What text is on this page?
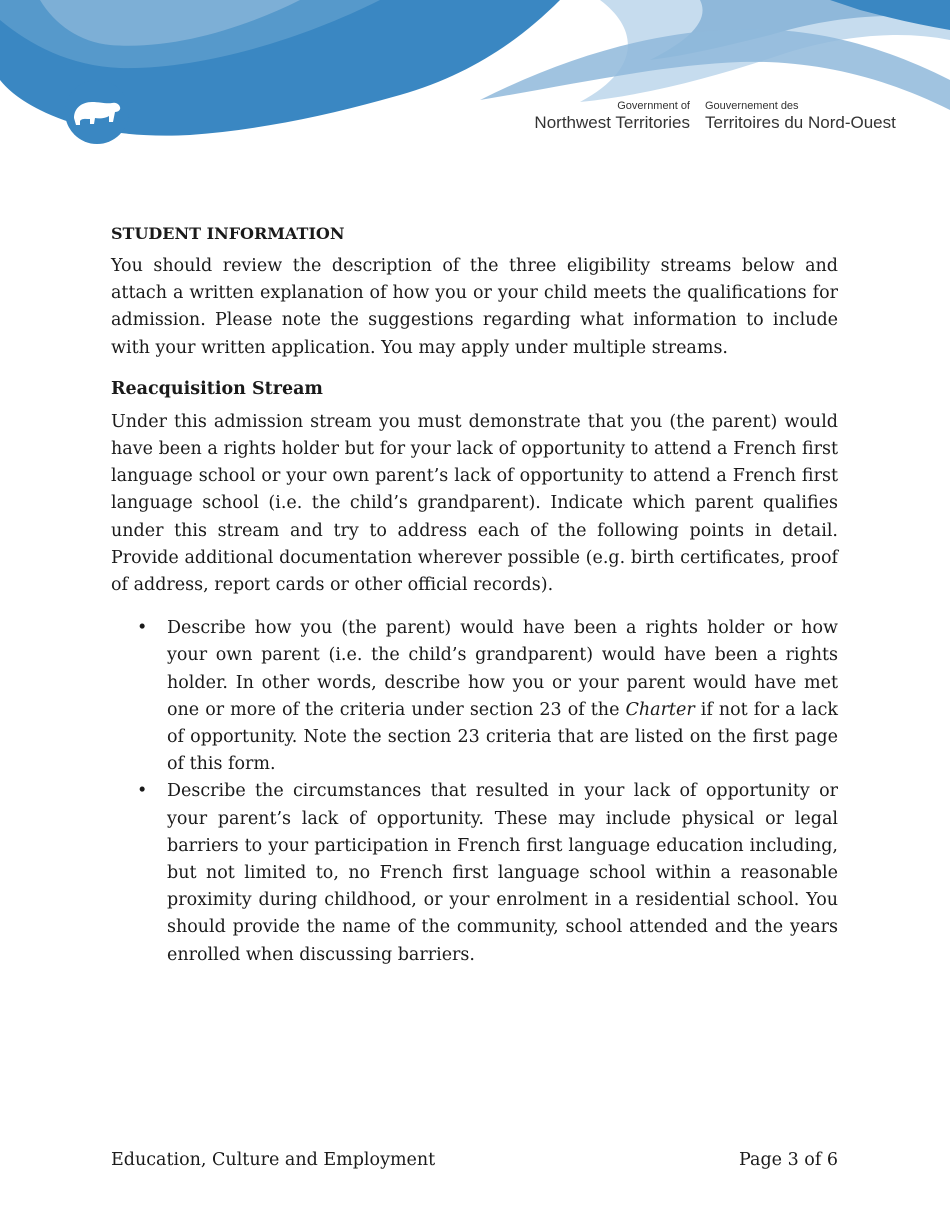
Government of
Northwest Territories
Gouvernement des
Territoires du Nord-Ouest
STUDENT INFORMATION

You should review the description of the three eligibility streams below and attach a written explanation of how you or your child meets the qualifications for admission. Please note the suggestions regarding what information to include with your written application. You may apply under multiple streams.

Reacquisition Stream

Under this admission stream you must demonstrate that you (the parent) would have been a rights holder but for your lack of opportunity to attend a French first language school or your own parent’s lack of opportunity to attend a French first language school (i.e. the child’s grandparent). Indicate which parent qualifies under this stream and try to address each of the following points in detail. Provide additional documentation wherever possible (e.g. birth certificates, proof of address, report cards or other official records).

• Describe how you (the parent) would have been a rights holder or how your own parent (i.e. the child’s grandparent) would have been a rights holder. In other words, describe how you or your parent would have met one or more of the criteria under section 23 of the Charter if not for a lack of opportunity. Note the section 23 criteria that are listed on the first page of this form.
• Describe the circumstances that resulted in your lack of opportunity or your parent’s lack of opportunity. These may include physical or legal barriers to your participation in French first language education including, but not limited to, no French first language school within a reasonable proximity during childhood, or your enrolment in a residential school. You should provide the name of the community, school attended and the years enrolled when discussing barriers.
Education, Culture and Employment	Page 3 of 6
